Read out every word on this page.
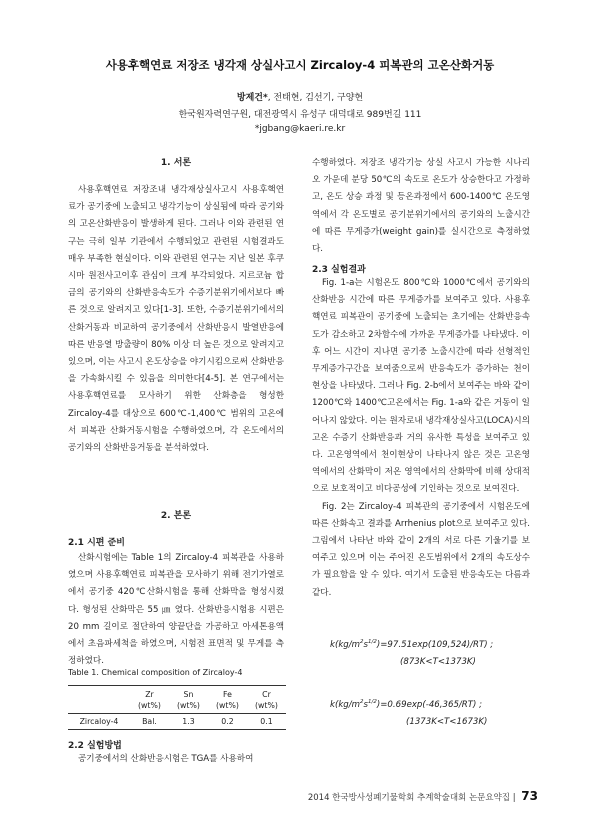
사용후핵연료 저장조 냉각재 상실사고시 Zircaloy-4 피복관의 고온산화거동
방제건*, 전태현, 김선기, 구양현
한국원자력연구원, 대전광역시 유성구 대덕대로 989번길 111
*jgbang@kaeri.re.kr

1. 서론

사용후핵연료 저장조내 냉각재상실사고시 사용후핵연료가 공기중에 노출되고 냉각기능이 상실됨에 따라 공기와의 고온산화반응이 발생하게 된다. 그러나 이와 관련된 연구는 극히 일부 기관에서 수행되었고 관련된 시험결과도 매우 부족한 현실이다. 이와 관련된 연구는 지난 일본 후쿠시마 원전사고이후 관심이 크게 부각되었다. 지르코늄 합금의 공기와의 산화반응속도가 수증기분위기에서보다 빠른 것으로 알려지고 있다[1-3]. 또한, 수증기분위기에서의 산화거동과 비교하여 공기중에서 산화반응시 발열반응에 따른 반응열 방출량이 80% 이상 더 높은 것으로 알려지고 있으며, 이는 사고시 온도상승을 야기시킴으로써 산화반응을 가속화시킬 수 있음을 의미한다[4-5]. 본 연구에서는 사용후핵연료를 모사하기 위한 산화층을 형성한 Zircaloy-4를 대상으로 600℃-1,400℃ 범위의 고온에서 피복관 산화거동시험을 수행하였으며, 각 온도에서의 공기와의 산화반응거동을 분석하였다.

2. 본론

2.1 시편 준비

산화시험에는 Table 1의 Zircaloy-4 피복관을 사용하였으며 사용후핵연료 피복관을 모사하기 위해 전기가열로에서 공기중 420℃산화시험을 통해 산화막을 형성시켰다. 형성된 산화막은 55 ㎛ 였다. 산화반응시험용 시편은 20 mm 길이로 절단하여 양끝단을 가공하고 아세톤용액에서 초음파세척을 하였으며, 시험전 표면적 및 무게를 측정하였다.

Table 1. Chemical composition of Zircaloy-4

	Zr	Sn	Fe	Cr
	(wt%)	(wt%)	(wt%)	(wt%)
Zircaloy-4	Bal.	1.3	0.2	0.1

2.2 실험방법

공기중에서의 산화반응시험은 TGA를 사용하여

수행하였다. 저장조 냉각기능 상실 사고시 가능한 시나리오 가운데 분당 50℃의 속도로 온도가 상승한다고 가정하고, 온도 상승 과정 및 등온과정에서 600-1400℃ 온도영역에서 각 온도별로 공기분위기에서의 공기와의 노출시간에 따른 무게증가(weight gain)를 실시간으로 측정하였다.

2.3 실험결과

Fig. 1-a는 시험온도 800℃와 1000℃에서 공기와의 산화반응 시간에 따른 무게증가를 보여주고 있다. 사용후핵연료 피복관이 공기중에 노출되는 초기에는 산화반응속도가 감소하고 2차함수에 가까운 무게증가를 나타냈다. 이후 어느 시간이 지나면 공기중 노출시간에 따라 선형적인 무게증가구간을 보여줌으로써 반응속도가 증가하는 천이현상을 나타냈다. 그러나 Fig. 2-b에서 보여주는 바와 같이 1200℃와 1400℃고온에서는 Fig. 1-a와 같은 거동이 일어나지 않았다. 이는 원자로내 냉각재상실사고(LOCA)시의 고온 수증기 산화반응과 거의 유사한 특성을 보여주고 있다. 고온영역에서 천이현상이 나타나지 않은 것은 고온영역에서의 산화막이 저온 영역에서의 산화막에 비해 상대적으로 보호적이고 비다공성에 기인하는 것으로 보여진다.

Fig. 2는 Zircaloy-4 피복관의 공기중에서 시험온도에 따른 산화속고 결과를 Arrhenius plot으로 보여주고 있다. 그림에서 나타난 바와 같이 2개의 서로 다른 기울기를 보여주고 있으며 이는 주어진 온도범위에서 2개의 속도상수가 필요함을 알 수 있다. 여기서 도출된 반응속도는 다름과 같다.

$k(kg/m^2s^{1/2})=97.51\exp(109,524)/RT$) ;

(873K<T<1373K)

$k(kg/m^2s^{1/2})=0.69\exp(-46,365/RT)$ ;

(1373K<T<1673K)

2014 한국방사성폐기물학회 추계학술대회 논문요약집 | 73
